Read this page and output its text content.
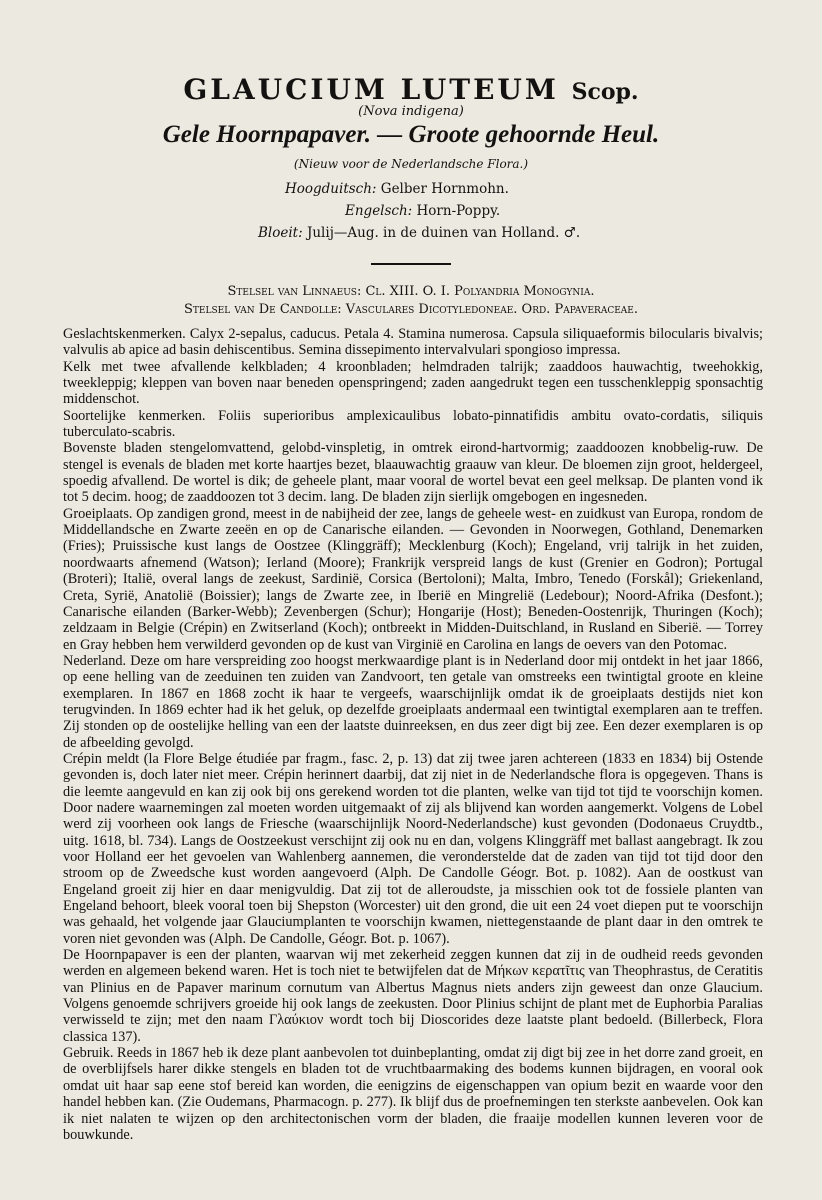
GLAUCIUM LUTEUM Scop.
(Nova indigena)
Gele Hoornpapaver. — Groote gehoornde Heul.
(Nieuw voor de Nederlandsche Flora.)
Hoogduitsch: Gelber Hornmohn.
Engelsch: Horn-Poppy.
Bloeit: Julij—Aug. in de duinen van Holland. ♂.
Stelsel van Linnaeus: Cl. XIII. O. I. Polyandria Monogynia.
Stelsel van De Candolle: Vasculares Dicotyledoneae. Ord. Papaveraceae.

Geslachtskenmerken. Calyx 2-sepalus, caducus. Petala 4. Stamina numerosa. Capsula siliquaeformis bilocularis bivalvis; valvulis ab apice ad basin dehiscentibus. Semina dissepimento intervalvulari spongioso impressa.

Kelk met twee afvallende kelkbladen; 4 kroonbladen; helmdraden talrijk; zaaddoos hauwachtig, tweehokkig, tweekleppig; kleppen van boven naar beneden openspringend; zaden aangedrukt tegen een tusschenkleppig sponsachtig middenschot.

Soortelijke kenmerken. Foliis superioribus amplexicaulibus lobato-pinnatifidis ambitu ovato-cordatis, siliquis tuberculato-scabris.

Bovenste bladen stengelomvattend, gelobd-vinspletig, in omtrek eirond-hartvormig; zaaddoozen knobbelig-ruw. De stengel is evenals de bladen met korte haartjes bezet, blaauwachtig graauw van kleur. De bloemen zijn groot, heldergeel, spoedig afvallend. De wortel is dik; de geheele plant, maar vooral de wortel bevat een geel melksap. De planten vond ik tot 5 decim. hoog; de zaaddoozen tot 3 decim. lang. De bladen zijn sierlijk omgebogen en ingesneden.

Groeiplaats. Op zandigen grond, meest in de nabijheid der zee, langs de geheele west- en zuidkust van Europa, rondom de Middellandsche en Zwarte zeeën en op de Canarische eilanden. — Gevonden in Noorwegen, Gothland, Denemarken (Fries); Pruissische kust langs de Oostzee (Klinggräff); Mecklenburg (Koch); Engeland, vrij talrijk in het zuiden, noordwaarts afnemend (Watson); Ierland (Moore); Frankrijk verspreid langs de kust (Grenier en Godron); Portugal (Broteri); Italië, overal langs de zeekust, Sardinië, Corsica (Bertoloni); Malta, Imbro, Tenedo (Forskål); Griekenland, Creta, Syrië, Anatolië (Boissier); langs de Zwarte zee, in Iberië en Mingrelië (Ledebour); Noord-Afrika (Desfont.); Canarische eilanden (Barker-Webb); Zevenbergen (Schur); Hongarije (Host); Beneden-Oostenrijk, Thuringen (Koch); zeldzaam in Belgie (Crépin) en Zwitserland (Koch); ontbreekt in Midden-Duitschland, in Rusland en Siberië. — Torrey en Gray hebben hem verwilderd gevonden op de kust van Virginië en Carolina en langs de oevers van den Potomac.

Nederland. Deze om hare verspreiding zoo hoogst merkwaardige plant is in Nederland door mij ontdekt in het jaar 1866, op eene helling van de zeeduinen ten zuiden van Zandvoort, ten getale van omstreeks een twintigtal groote en kleine exemplaren. In 1867 en 1868 zocht ik haar te vergeefs, waarschijnlijk omdat ik de groeiplaats destijds niet kon terugvinden. In 1869 echter had ik het geluk, op dezelfde groeiplaats andermaal een twintigtal exemplaren aan te treffen. Zij stonden op de oostelijke helling van een der laatste duinreeksen, en dus zeer digt bij zee. Een dezer exemplaren is op de afbeelding gevolgd.

Crépin meldt (la Flore Belge étudiée par fragm., fasc. 2, p. 13) dat zij twee jaren achtereen (1833 en 1834) bij Ostende gevonden is, doch later niet meer. Crépin herinnert daarbij, dat zij niet in de Nederlandsche flora is opgegeven. Thans is die leemte aangevuld en kan zij ook bij ons gerekend worden tot die planten, welke van tijd tot tijd te voorschijn komen. Door nadere waarnemingen zal moeten worden uitgemaakt of zij als blijvend kan worden aangemerkt. Volgens de Lobel werd zij voorheen ook langs de Friesche (waarschijnlijk Noord-Nederlandsche) kust gevonden (Dodonaeus Cruydtb., uitg. 1618, bl. 734). Langs de Oostzeekust verschijnt zij ook nu en dan, volgens Klinggräff met ballast aangebragt. Ik zou voor Holland eer het gevoelen van Wahlenberg aannemen, die veronderstelde dat de zaden van tijd tot tijd door den stroom op de Zweedsche kust worden aangevoerd (Alph. De Candolle Géogr. Bot. p. 1082). Aan de oostkust van Engeland groeit zij hier en daar menigvuldig. Dat zij tot de alleroudste, ja misschien ook tot de fossiele planten van Engeland behoort, bleek vooral toen bij Shepston (Worcester) uit den grond, die uit een 24 voet diepen put te voorschijn was gehaald, het volgende jaar Glauciumplanten te voorschijn kwamen, niettegenstaande de plant daar in den omtrek te voren niet gevonden was (Alph. De Candolle, Géogr. Bot. p. 1067).

De Hoornpapaver is een der planten, waarvan wij met zekerheid zeggen kunnen dat zij in de oudheid reeds gevonden werden en algemeen bekend waren. Het is toch niet te betwijfelen dat de Μήκων κερατῖτις van Theophrastus, de Ceratitis van Plinius en de Papaver marinum cornutum van Albertus Magnus niets anders zijn geweest dan onze Glaucium. Volgens genoemde schrijvers groeide hij ook langs de zeekusten. Door Plinius schijnt de plant met de Euphorbia Paralias verwisseld te zijn; met den naam Γλαύκιον wordt toch bij Dioscorides deze laatste plant bedoeld. (Billerbeck, Flora classica 137).

Gebruik. Reeds in 1867 heb ik deze plant aanbevolen tot duinbeplanting, omdat zij digt bij zee in het dorre zand groeit, en de overblijfsels harer dikke stengels en bladen tot de vruchtbaarmaking des bodems kunnen bijdragen, en vooral ook omdat uit haar sap eene stof bereid kan worden, die eenigzins de eigenschappen van opium bezit en waarde voor den handel hebben kan. (Zie Oudemans, Pharmacogn. p. 277). Ik blijf dus de proefnemingen ten sterkste aanbevelen. Ook kan ik niet nalaten te wijzen op den architectonischen vorm der bladen, die fraaije modellen kunnen leveren voor de bouwkunde.
